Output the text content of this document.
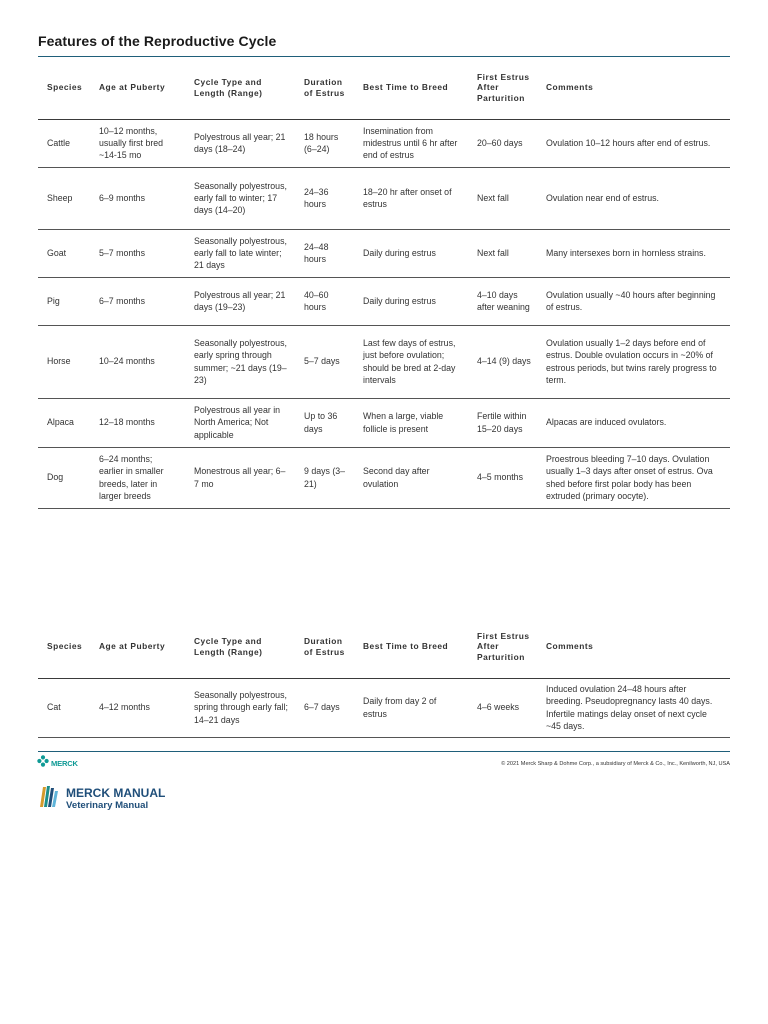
Features of the Reproductive Cycle
Species	Age at Puberty	Cycle Type and Length (Range)	Duration of Estrus	Best Time to Breed	First Estrus After Parturition	Comments
Cattle	10–12 months, usually first bred ~14-15 mo	Polyestrous all year; 21 days (18–24)	18 hours (6–24)	Insemination from midestrus until 6 hr after end of estrus	20–60 days	Ovulation 10–12 hours after end of estrus.
Sheep	6–9 months	Seasonally polyestrous, early fall to winter; 17 days (14–20)	24–36 hours	18–20 hr after onset of estrus	Next fall	Ovulation near end of estrus.
Goat	5–7 months	Seasonally polyestrous, early fall to late winter; 21 days	24–48 hours	Daily during estrus	Next fall	Many intersexes born in hornless strains.
Pig	6–7 months	Polyestrous all year; 21 days (19–23)	40–60 hours	Daily during estrus	4–10 days after weaning	Ovulation usually ~40 hours after beginning of estrus.
Horse	10–24 months	Seasonally polyestrous, early spring through summer; ~21 days (19–23)	5–7 days	Last few days of estrus, just before ovulation; should be bred at 2-day intervals	4–14 (9) days	Ovulation usually 1–2 days before end of estrus. Double ovulation occurs in ~20% of estrous periods, but twins rarely progress to term.
Alpaca	12–18 months	Polyestrous all year in North America; Not applicable	Up to 36 days	When a large, viable follicle is present	Fertile within 15–20 days	Alpacas are induced ovulators.
Dog	6–24 months; earlier in smaller breeds, later in larger breeds	Monestrous all year; 6–7 mo	9 days (3–21)	Second day after ovulation	4–5 months	Proestrous bleeding 7–10 days. Ovulation usually 1–3 days after onset of estrus. Ova shed before first polar body has been extruded (primary oocyte).
Species	Age at Puberty	Cycle Type and Length (Range)	Duration of Estrus	Best Time to Breed	First Estrus After Parturition	Comments
Cat	4–12 months	Seasonally polyestrous, spring through early fall; 14–21 days	6–7 days	Daily from day 2 of estrus	4–6 weeks	Induced ovulation 24–48 hours after breeding. Pseudopregnancy lasts 40 days. Infertile matings delay onset of next cycle ~45 days.
MERCK	© 2021 Merck Sharp & Dohme Corp., a subsidiary of Merck & Co., Inc., Kenilworth, NJ, USA
MERCK MANUAL
Veterinary Manual
